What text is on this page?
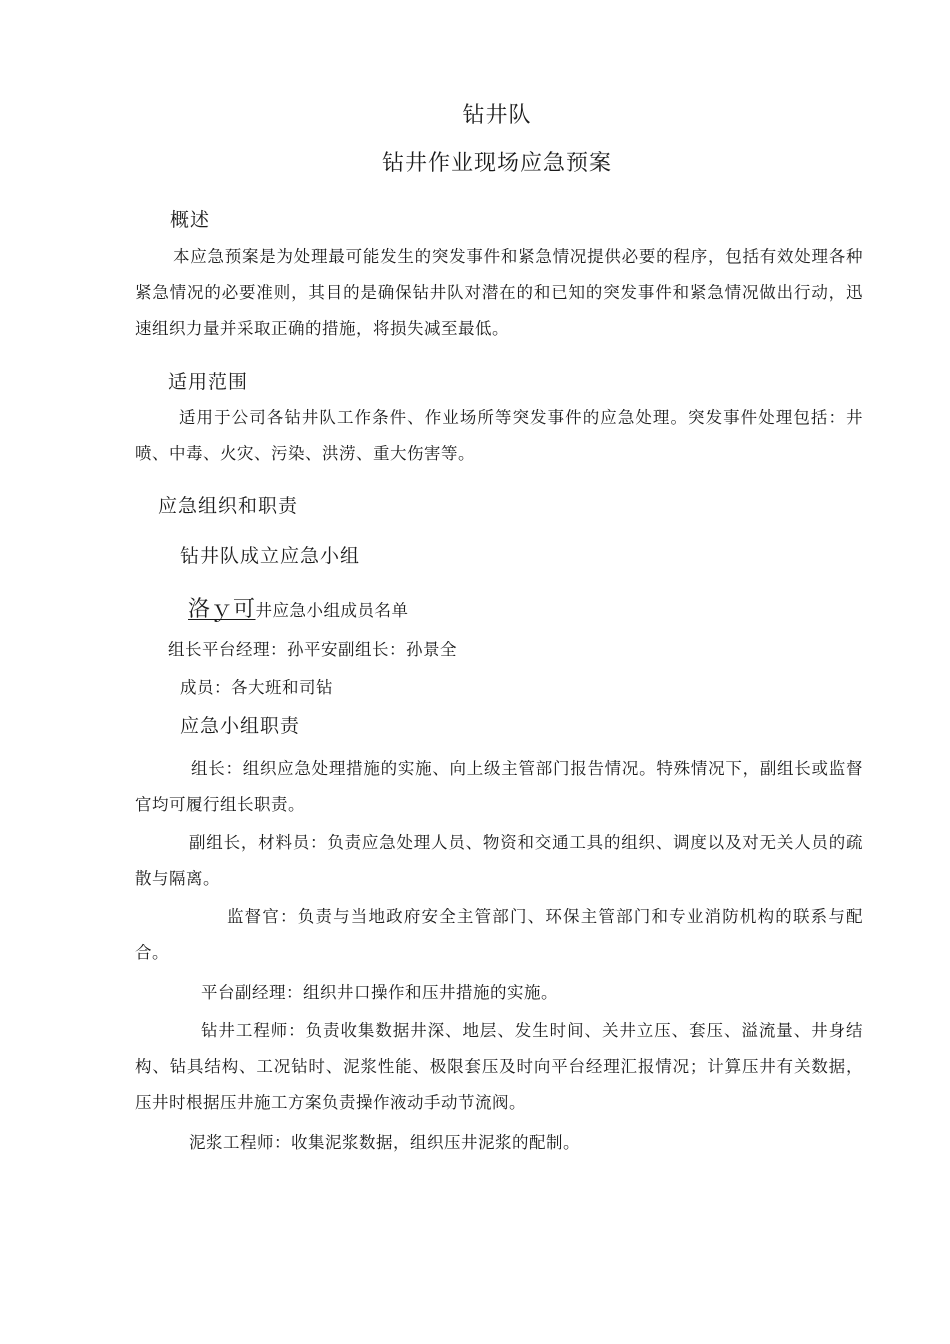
钻井队
钻井作业现场应急预案
概述
本应急预案是为处理最可能发生的突发事件和紧急情况提供必要的程序，包括有效处理各种紧急情况的必要准则，其目的是确保钻井队对潜在的和已知的突发事件和紧急情况做出行动，迅速组织力量并采取正确的措施，将损失减至最低。
适用范围
适用于公司各钻井队工作条件、作业场所等突发事件的应急处理。突发事件处理包括：井喷、中毒、火灾、污染、洪涝、重大伤害等。
应急组织和职责
钻井队成立应急小组
洛ｙ可井应急小组成员名单
组长平台经理：孙平安副组长：孙景全
成员：各大班和司钻
应急小组职责
组长：组织应急处理措施的实施、向上级主管部门报告情况。特殊情况下，副组长或监督官均可履行组长职责。
副组长，材料员：负责应急处理人员、物资和交通工具的组织、调度以及对无关人员的疏散与隔离。
监督官：负责与当地政府安全主管部门、环保主管部门和专业消防机构的联系与配合。
平台副经理：组织井口操作和压井措施的实施。
钻井工程师：负责收集数据井深、地层、发生时间、关井立压、套压、溢流量、井身结构、钻具结构、工况钻时、泥浆性能、极限套压及时向平台经理汇报情况；计算压井有关数据，压井时根据压井施工方案负责操作液动手动节流阀。
泥浆工程师：收集泥浆数据，组织压井泥浆的配制。
